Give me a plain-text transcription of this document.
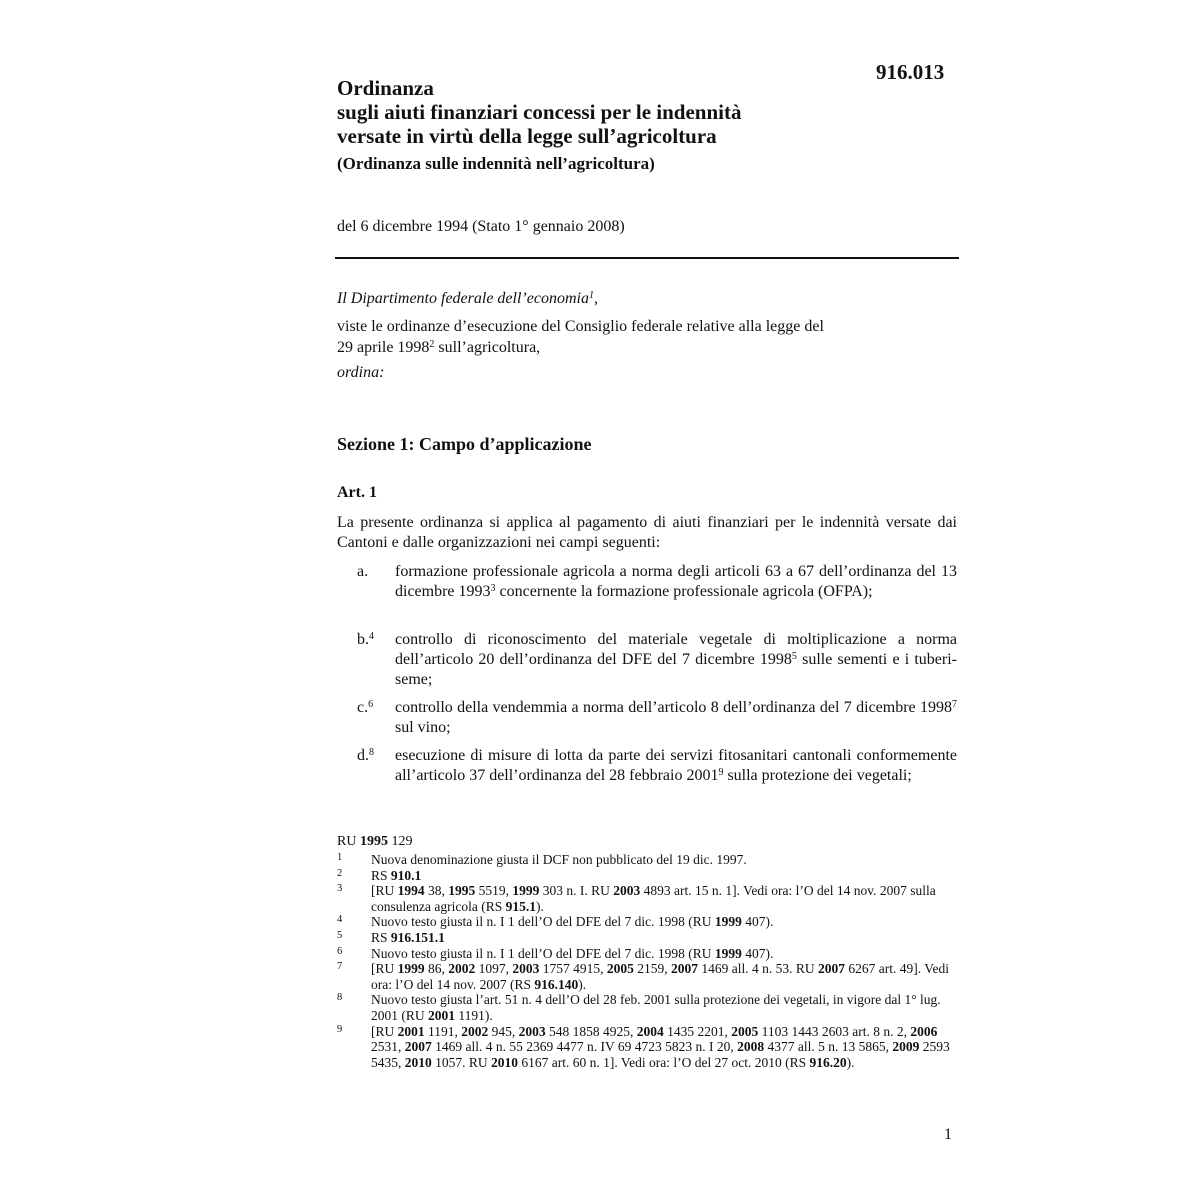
916.013
Ordinanza
sugli aiuti finanziari concessi per le indennità
versate in virtù della legge sull’agricoltura
(Ordinanza sulle indennità nell’agricoltura)
del 6 dicembre 1994 (Stato 1° gennaio 2008)
Il Dipartimento federale dell’economia$^1$,
viste le ordinanze d’esecuzione del Consiglio federale relative alla legge del
29 aprile 1998$^2$ sull’agricoltura,
ordina:
Sezione 1: Campo d’applicazione
Art. 1
La presente ordinanza si applica al pagamento di aiuti finanziari per le indennità versate dai Cantoni e dalle organizzazioni nei campi seguenti:
a.	formazione professionale agricola a norma degli articoli 63 a 67 dell’ordinanza del 13 dicembre 1993$^3$ concernente la formazione professionale agricola (OFPA);
b.$^4$	controllo di riconoscimento del materiale vegetale di moltiplicazione a norma dell’articolo 20 dell’ordinanza del DFE del 7 dicembre 1998$^5$ sulle sementi e i tuberi-seme;
c.$^6$	controllo della vendemmia a norma dell’articolo 8 dell’ordinanza del 7 dicembre 1998$^7$ sul vino;
d.$^8$	esecuzione di misure di lotta da parte dei servizi fitosanitari cantonali conformemente all’articolo 37 dell’ordinanza del 28 febbraio 2001$^9$ sulla protezione dei vegetali;
RU 1995 129
1 Nuova denominazione giusta il DCF non pubblicato del 19 dic. 1997.
2 RS 910.1
3 [RU 1994 38, 1995 5519, 1999 303 n. I. RU 2003 4893 art. 15 n. 1]. Vedi ora: l’O del 14 nov. 2007 sulla consulenza agricola (RS 915.1).
4 Nuovo testo giusta il n. I 1 dell’O del DFE del 7 dic. 1998 (RU 1999 407).
5 RS 916.151.1
6 Nuovo testo giusta il n. I 1 dell’O del DFE del 7 dic. 1998 (RU 1999 407).
7 [RU 1999 86, 2002 1097, 2003 1757 4915, 2005 2159, 2007 1469 all. 4 n. 53. RU 2007 6267 art. 49]. Vedi ora: l’O del 14 nov. 2007 (RS 916.140).
8 Nuovo testo giusta l’art. 51 n. 4 dell’O del 28 feb. 2001 sulla protezione dei vegetali, in vigore dal 1° lug. 2001 (RU 2001 1191).
9 [RU 2001 1191, 2002 945, 2003 548 1858 4925, 2004 1435 2201, 2005 1103 1443 2603 art. 8 n. 2, 2006 2531, 2007 1469 all. 4 n. 55 2369 4477 n. IV 69 4723 5823 n. I 20, 2008 4377 all. 5 n. 13 5865, 2009 2593 5435, 2010 1057. RU 2010 6167 art. 60 n. 1]. Vedi ora: l’O del 27 oct. 2010 (RS 916.20).
1
